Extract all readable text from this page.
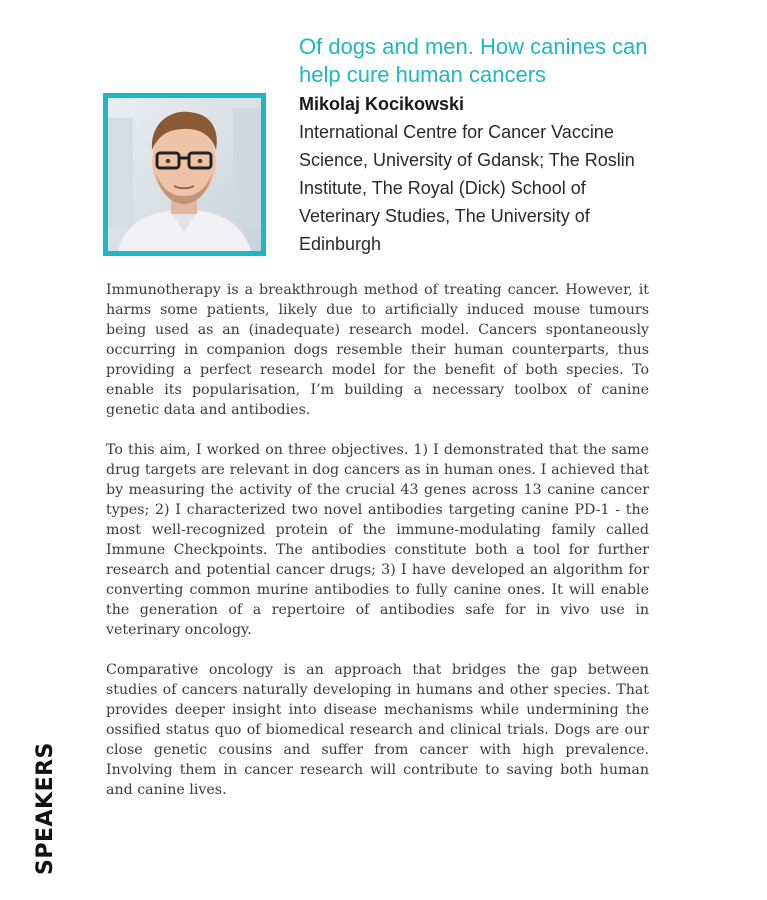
Of dogs and men. How canines can help cure human cancers
Mikolaj Kocikowski

International Centre for Cancer Vaccine Science, University of Gdansk; The Roslin Institute, The Royal (Dick) School of Veterinary Studies, The University of Edinburgh

Immunotherapy is a breakthrough method of treating cancer. However, it harms some patients, likely due to artificially induced mouse tumours being used as an (inadequate) research model. Cancers spontaneously occurring in companion dogs resemble their human counterparts, thus providing a perfect research model for the benefit of both species. To enable its popularisation, I’m building a necessary toolbox of canine genetic data and antibodies.

To this aim, I worked on three objectives. 1) I demonstrated that the same drug targets are relevant in dog cancers as in human ones. I achieved that by measuring the activity of the crucial 43 genes across 13 canine cancer types; 2) I characterized two novel antibodies targeting canine PD-1 - the most well-recognized protein of the immune-modulating family called Immune Checkpoints. The antibodies constitute both a tool for further research and potential cancer drugs; 3) I have developed an algorithm for converting common murine antibodies to fully canine ones. It will enable the generation of a repertoire of antibodies safe for in vivo use in veterinary oncology.

Comparative oncology is an approach that bridges the gap between studies of cancers naturally developing in humans and other species. That provides deeper insight into disease mechanisms while undermining the ossified status quo of biomedical research and clinical trials. Dogs are our close genetic cousins and suffer from cancer with high prevalence. Involving them in cancer research will contribute to saving both human and canine lives.

SPEAKERS
